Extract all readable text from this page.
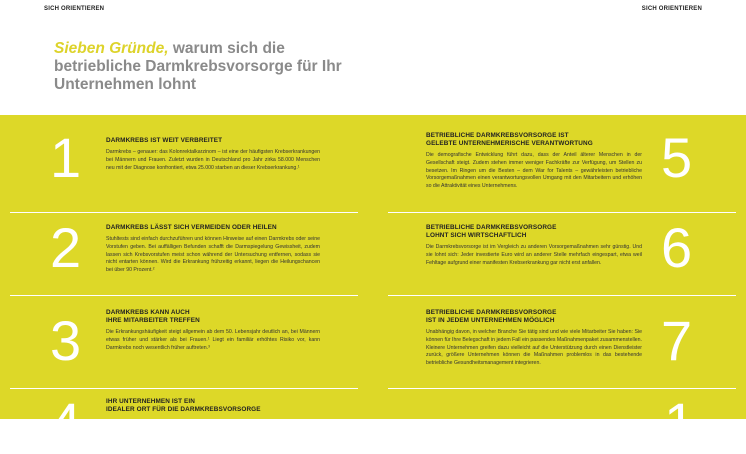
SICH ORIENTIEREN	SICH ORIENTIEREN
Sieben Gründe, warum sich die betriebliche Darmkrebsvorsorge für Ihr Unternehmen lohnt
1	DARMKREBS IST WEIT VERBREITET

Darmkrebs – genauer: das Kolonrektalkarzinom – ist eine der häufigsten Krebserkrankungen bei Männern und Frauen. Zuletzt wurden in Deutschland pro Jahr zirka 58.000 Menschen neu mit der Diagnose konfrontiert, etwa 25.000 starben an dieser Krebserkrankung.¹

2	DARMKREBS LÄSST SICH VERMEIDEN ODER HEILEN

Stuhltests sind einfach durchzuführen und können Hinweise auf einen Darmkrebs oder seine Vorstufen geben. Bei auffälligen Befunden schafft die Darmspiegelung Gewissheit, zudem lassen sich Krebsvorstufen meist schon während der Untersuchung entfernen, sodass sie nicht entarten können. Wird die Erkrankung frühzeitig erkannt, liegen die Heilungschancen bei über 90 Prozent.²

3	DARMKREBS KANN AUCH
IHRE MITARBEITER TREFFEN

Die Erkrankungshäufigkeit steigt allgemein ab dem 50. Lebensjahr deutlich an, bei Männern etwas früher und stärker als bei Frauen.¹ Liegt ein familiär erhöhtes Risiko vor, kann Darmkrebs noch wesentlich früher auftreten.³

4	IHR UNTERNEHMEN IST EIN
IDEALER ORT FÜR DIE DARMKREBSVORSORGE
BETRIEBLICHE DARMKREBSVORSORGE IST
GELEBTE UNTERNEHMERISCHE VERANTWORTUNG

Die demografische Entwicklung führt dazu, dass der Anteil älterer Menschen in der Gesellschaft steigt. Zudem stehen immer weniger Fachkräfte zur Verfügung, um Stellen zu besetzen. Im Ringen um die Besten – dem War for Talents – gewährleisten betriebliche Vorsorgemaßnahmen einen verantwortungsvollen Umgang mit den Mitarbeitern und erhöhen so die Attraktivität eines Unternehmens.	5
BETRIEBLICHE DARMKREBSVORSORGE
LOHNT SICH WIRTSCHAFTLICH

Die Darmkrebsvorsorge ist im Vergleich zu anderen Vorsorgemaßnahmen sehr günstig. Und sie lohnt sich: Jeder investierte Euro wird an anderer Stelle mehrfach eingespart, etwa weil Fehltage aufgrund einer manifesten Krebserkrankung gar nicht erst anfallen.	6
BETRIEBLICHE DARMKREBSVORSORGE
IST IN JEDEM UNTERNEHMEN MÖGLICH

Unabhängig davon, in welcher Branche Sie tätig sind und wie viele Mitarbeiter Sie haben: Sie können für Ihre Belegschaft in jedem Fall ein passendes Maßnahmenpaket zusammenstellen. Kleinere Unternehmen greifen dazu vielleicht auf die Unterstützung durch einen Dienstleister zurück, größere Unternehmen können die Maßnahmen problemlos in das bestehende betriebliche Gesundheitsmanagement integrieren.	7
1
